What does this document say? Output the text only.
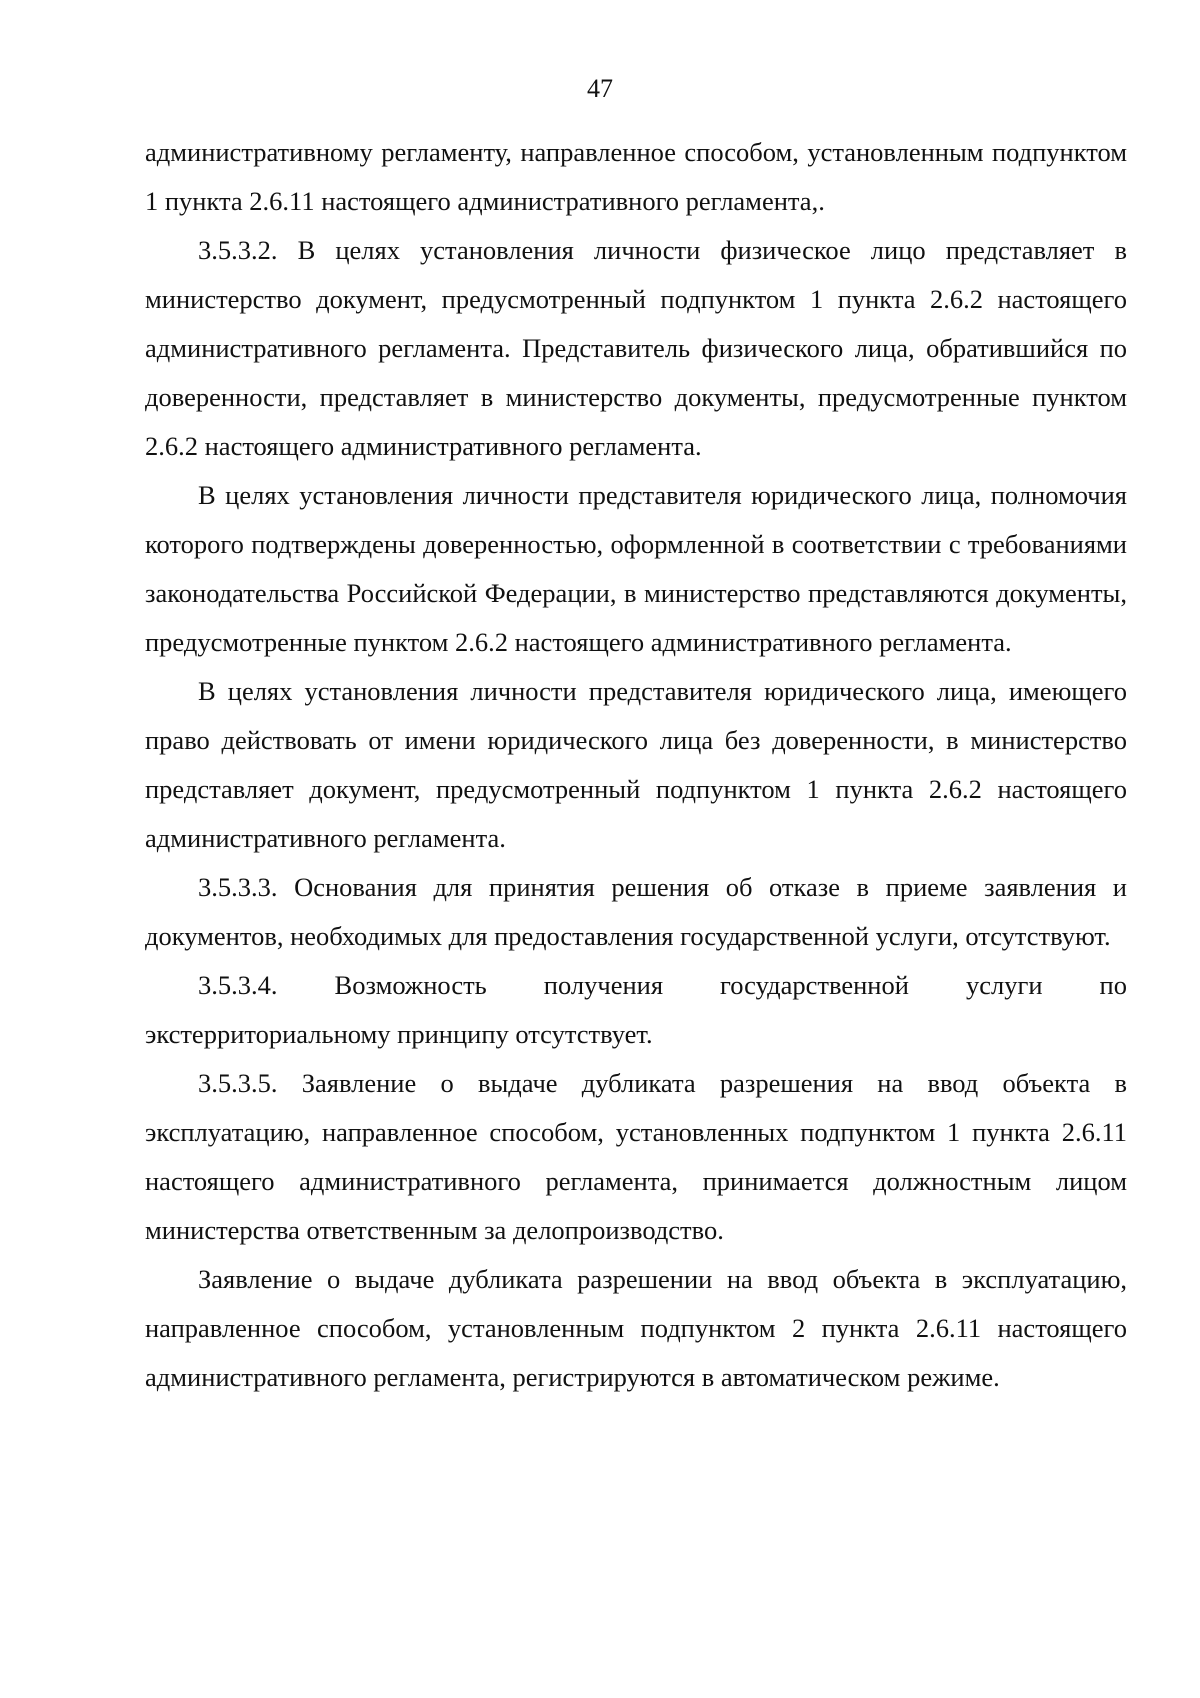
47

административному регламенту, направленное способом, установленным подпунктом 1 пункта 2.6.11 настоящего административного регламента,.

3.5.3.2. В целях установления личности физическое лицо представляет в министерство документ, предусмотренный подпунктом 1 пункта 2.6.2 настоящего административного регламента. Представитель физического лица, обратившийся по доверенности, представляет в министерство документы, предусмотренные пунктом 2.6.2 настоящего административного регламента.

В целях установления личности представителя юридического лица, полномочия которого подтверждены доверенностью, оформленной в соответствии с требованиями законодательства Российской Федерации, в министерство представляются документы, предусмотренные пунктом 2.6.2 настоящего административного регламента.

В целях установления личности представителя юридического лица, имеющего право действовать от имени юридического лица без доверенности, в министерство представляет документ, предусмотренный подпунктом 1 пункта 2.6.2 настоящего административного регламента.

3.5.3.3. Основания для принятия решения об отказе в приеме заявления и документов, необходимых для предоставления государственной услуги, отсутствуют.

3.5.3.4. Возможность получения государственной услуги по экстерриториальному принципу отсутствует.

3.5.3.5. Заявление о выдаче дубликата разрешения на ввод объекта в эксплуатацию, направленное способом, установленных подпунктом 1 пункта 2.6.11 настоящего административного регламента, принимается должностным лицом министерства ответственным за делопроизводство.

Заявление о выдаче дубликата разрешении на ввод объекта в эксплуатацию, направленное способом, установленным подпунктом 2 пункта 2.6.11 настоящего административного регламента, регистрируются в автоматическом режиме.
